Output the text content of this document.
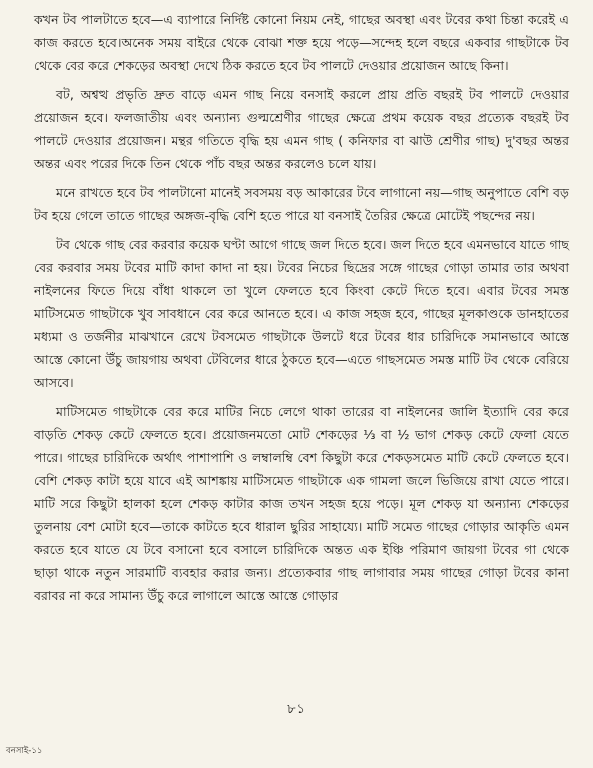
কখন টব পালটাতে হবে—এ ব্যাপারে নির্দিষ্ট কোনো নিয়ম নেই, গাছের অবস্থা এবং টবের কথা চিন্তা করেই এ কাজ করতে হবে।অনেক সময় বাইরে থেকে বোঝা শক্ত হয়ে পড়ে—সন্দেহ হলে বছরে একবার গাছটাকে টব থেকে বের করে শেকড়ের অবস্থা দেখে ঠিক করতে হবে টব পালটে দেওয়ার প্রয়োজন আছে কিনা।

বট, অশ্বত্থ প্রভৃতি দ্রুত বাড়ে এমন গাছ নিয়ে বনসাই করলে প্রায় প্রতি বছরই টব পালটে দেওয়ার প্রয়োজন হবে। ফলজাতীয় এবং অন্যান্য গুল্মশ্রেণীর গাছের ক্ষেত্রে প্রথম কয়েক বছর প্রত্যেক বছরই টব পালটে দেওয়ার প্রয়োজন। মন্থর গতিতে বৃদ্ধি হয় এমন গাছ ( কনিফার বা ঝাউ শ্রেণীর গাছ) দু'বছর অন্তর অন্তর এবং পরের দিকে তিন থেকে পাঁচ বছর অন্তর করলেও চলে যায়।

মনে রাখতে হবে টব পালটানো মানেই সবসময় বড় আকারের টবে লাগানো নয়—গাছ অনুপাতে বেশি বড় টব হয়ে গেলে তাতে গাছের অঙ্গজ-বৃদ্ধি বেশি হতে পারে যা বনসাই তৈরির ক্ষেত্রে মোটেই পছন্দের নয়।

টব থেকে গাছ বের করবার কয়েক ঘণ্টা আগে গাছে জল দিতে হবে। জল দিতে হবে এমনভাবে যাতে গাছ বের করবার সময় টবের মাটি কাদা কাদা না হয়। টবের নিচের ছিদ্রের সঙ্গে গাছের গোড়া তামার তার অথবা নাইলনের ফিতে দিয়ে বাঁধা থাকলে তা খুলে ফেলতে হবে কিংবা কেটে দিতে হবে। এবার টবের সমস্ত মাটিসমেত গাছটাকে খুব সাবধানে বের করে আনতে হবে। এ কাজ সহজ হবে, গাছের মূলকাণ্ডকে ডানহাতের মধ্যমা ও তর্জনীর মাঝখানে রেখে টবসমেত গাছটাকে উলটে ধরে টবের ধার চারিদিকে সমানভাবে আস্তে আস্তে কোনো উঁচু জায়গায় অথবা টেবিলের ধারে ঠুকতে হবে—এতে গাছসমেত সমস্ত মাটি টব থেকে বেরিয়ে আসবে।

মাটিসমেত গাছটাকে বের করে মাটির নিচে লেগে থাকা তারের বা নাইলনের জালি ইত্যাদি বের করে বাড়তি শেকড় কেটে ফেলতে হবে। প্রয়োজনমতো মোট শেকড়ের ⅓ বা ½ ভাগ শেকড় কেটে ফেলা যেতে পারে। গাছের চারিদিকে অর্থাৎ পাশাপাশি ও লম্বালম্বি বেশ কিছুটা করে শেকড়সমেত মাটি কেটে ফেলতে হবে। বেশি শেকড় কাটা হয়ে যাবে এই আশঙ্কায় মাটিসমেত গাছটাকে এক গামলা জলে ভিজিয়ে রাখা যেতে পারে। মাটি সরে কিছুটা হালকা হলে শেকড় কাটার কাজ তখন সহজ হয়ে পড়ে। মূল শেকড় যা অন্যান্য শেকড়ের তুলনায় বেশ মোটা হবে—তাকে কাটতে হবে ধারাল ছুরির সাহায্যে। মাটি সমেত গাছের গোড়ার আকৃতি এমন করতে হবে যাতে যে টবে বসানো হবে বসালে চারিদিকে অন্তত এক ইঞ্চি পরিমাণ জায়গা টবের গা থেকে ছাড়া থাকে নতুন সারমাটি ব্যবহার করার জন্য। প্রত্যেকবার গাছ লাগাবার সময় গাছের গোড়া টবের কানা বরাবর না করে সামান্য উঁচু করে লাগালে আস্তে আস্তে গোড়ার

৮১
বনসাই-১১
